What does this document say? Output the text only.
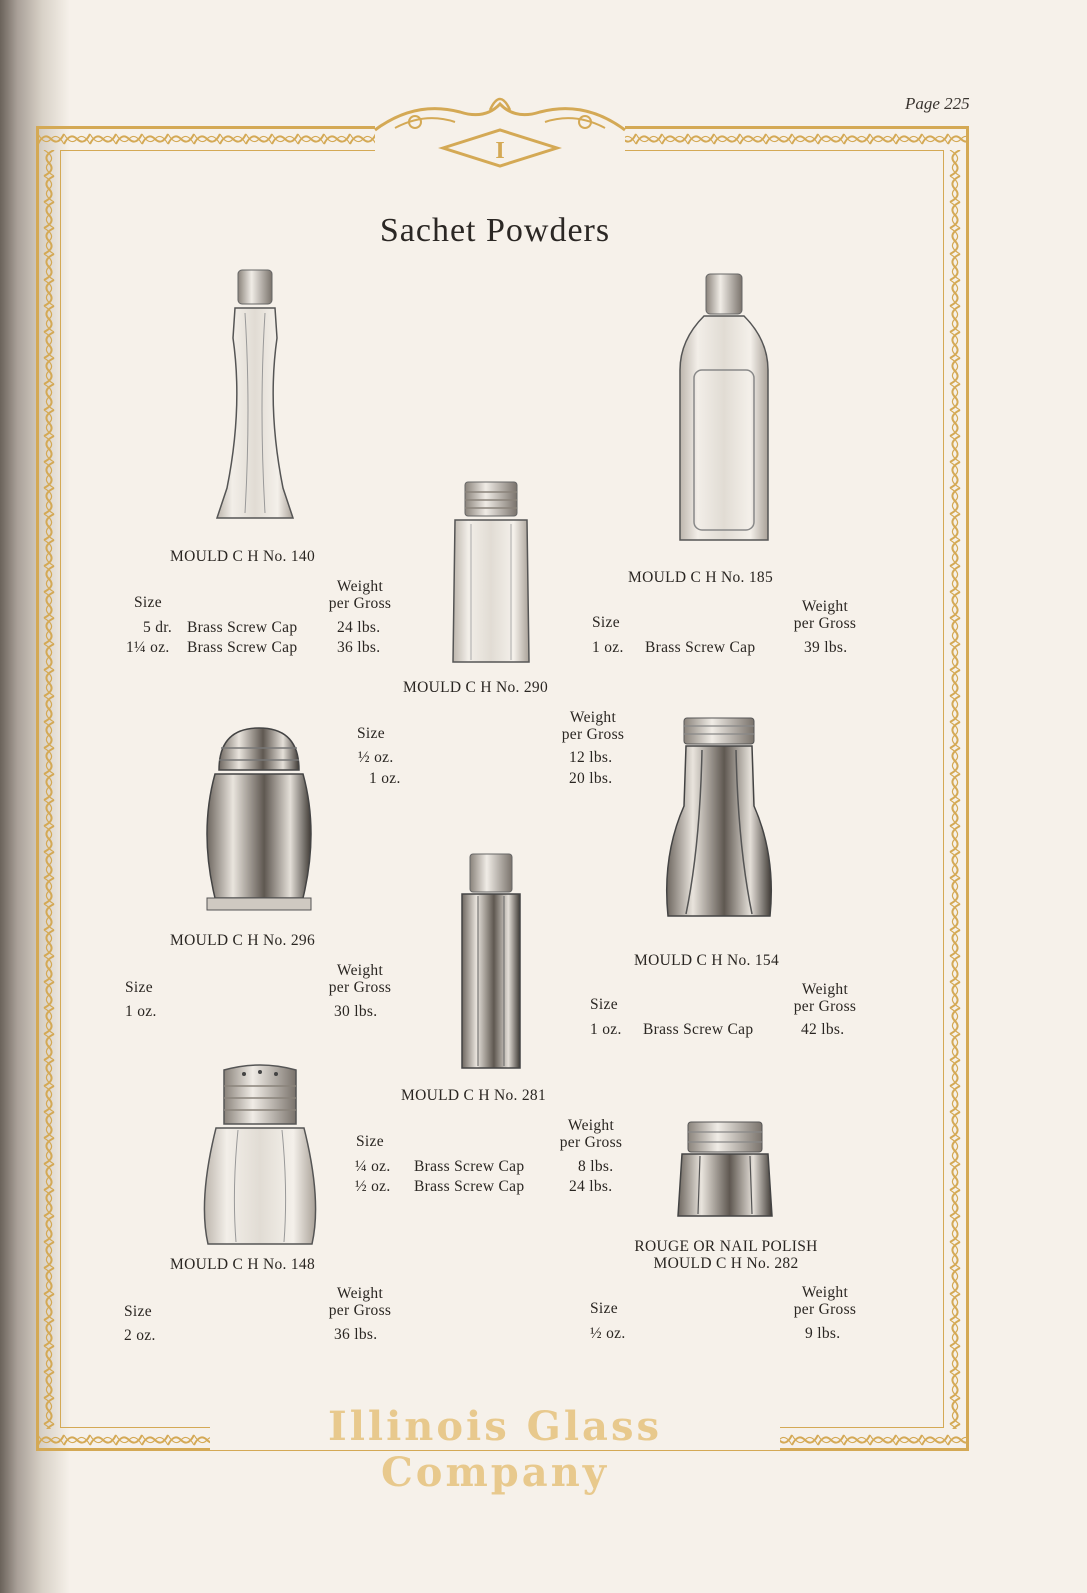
I
Page 225
Sachet Powders
MOULD C H No. 140
Weight
per Gross
Size
5 dr. Brass Screw Cap	24 lbs.
1¼ oz. Brass Screw Cap	36 lbs.
MOULD C H No. 185
Weight
per Gross
Size
1 oz. Brass Screw Cap	39 lbs.
MOULD C H No. 290
Weight
per Gross
Size
½ oz.	12 lbs.
1 oz.	20 lbs.
MOULD C H No. 296
Weight
per Gross
Size
1 oz.	30 lbs.
MOULD C H No. 154
Weight
per Gross
Size
1 oz. Brass Screw Cap	42 lbs.
MOULD C H No. 281
Weight
per Gross
Size
¼ oz. Brass Screw Cap	8 lbs.
½ oz. Brass Screw Cap	24 lbs.
MOULD C H No. 148
Weight
per Gross
Size
2 oz.	36 lbs.
ROUGE OR NAIL POLISH
MOULD C H No. 282
Weight
per Gross
Size
½ oz.	9 lbs.
Illinois Glass Company
